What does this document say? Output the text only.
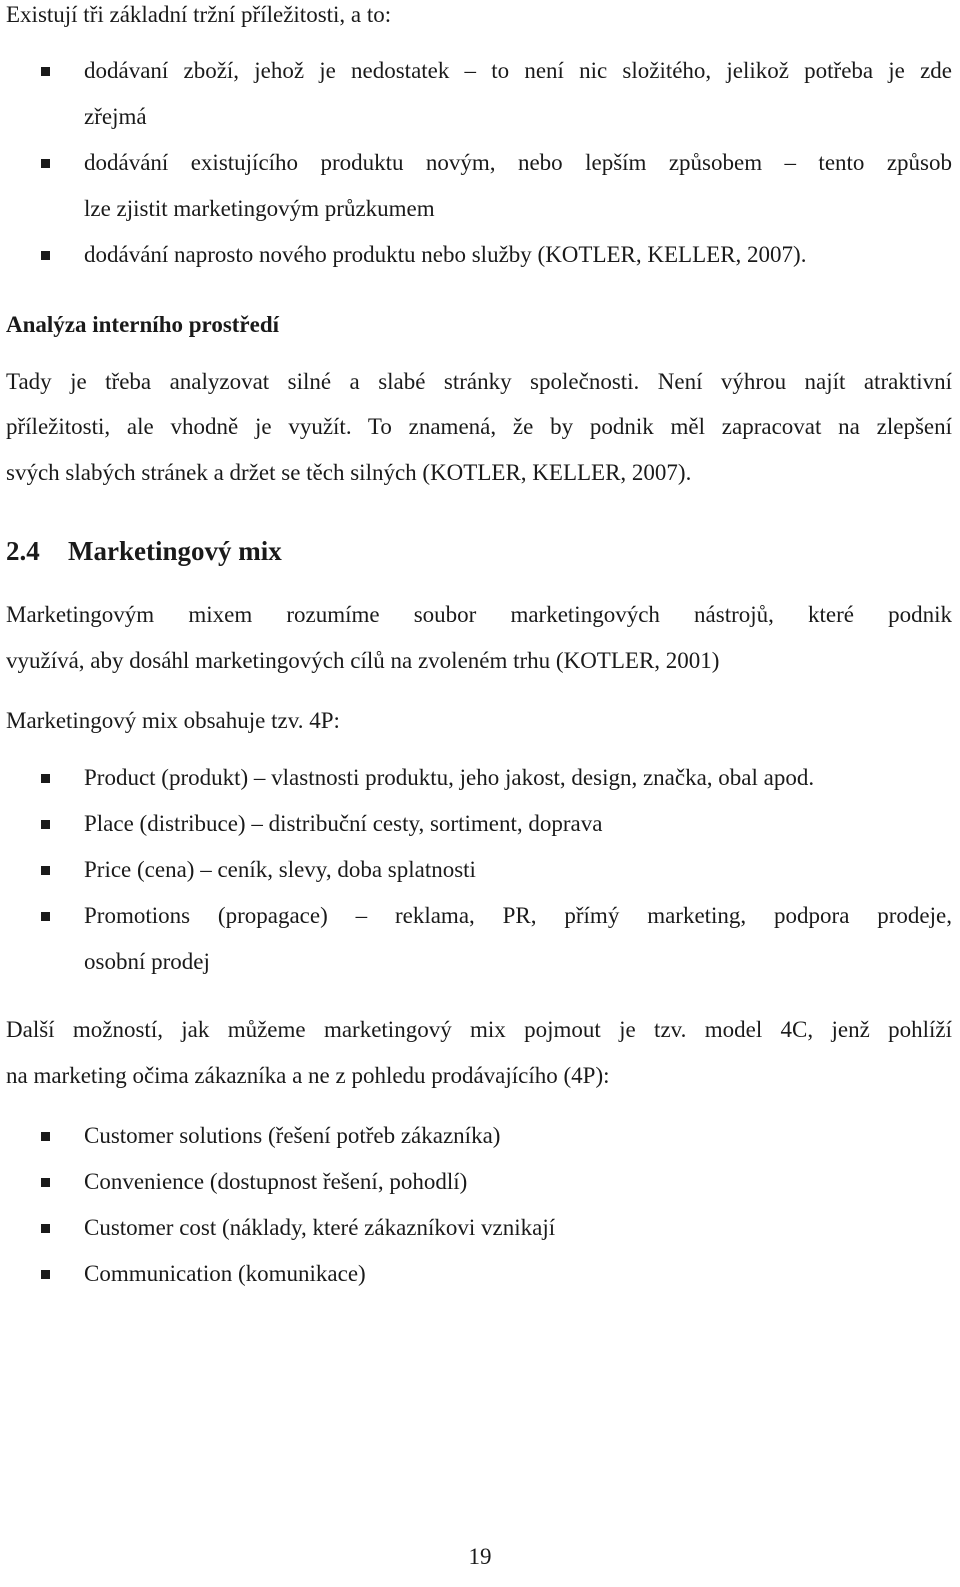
Existují tři základní tržní příležitosti, a to:
dodávaní zboží, jehož je nedostatek – to není nic složitého, jelikož potřeba je zde
zřejmá
dodávání existujícího produktu novým, nebo lepším způsobem – tento způsob
lze zjistit marketingovým průzkumem
dodávání naprosto nového produktu nebo služby (KOTLER, KELLER, 2007).
Analýza interního prostředí
Tady je třeba analyzovat silné a slabé stránky společnosti. Není výhrou najít atraktivní
příležitosti, ale vhodně je využít. To znamená, že by podnik měl zapracovat na zlepšení
svých slabých stránek a držet se těch silných (KOTLER, KELLER, 2007).
2.4 Marketingový mix
Marketingovým mixem rozumíme soubor marketingových nástrojů, které podnik
využívá, aby dosáhl marketingových cílů na zvoleném trhu (KOTLER, 2001)
Marketingový mix obsahuje tzv. 4P:
Product (produkt) – vlastnosti produktu, jeho jakost, design, značka, obal apod.
Place (distribuce) – distribuční cesty, sortiment, doprava
Price (cena) – ceník, slevy, doba splatnosti
Promotions (propagace) – reklama, PR, přímý marketing, podpora prodeje,
osobní prodej
Další možností, jak můžeme marketingový mix pojmout je tzv. model 4C, jenž pohlíží
na marketing očima zákazníka a ne z pohledu prodávajícího (4P):
Customer solutions (řešení potřeb zákazníka)
Convenience (dostupnost řešení, pohodlí)
Customer cost (náklady, které zákazníkovi vznikají
Communication (komunikace)
19
